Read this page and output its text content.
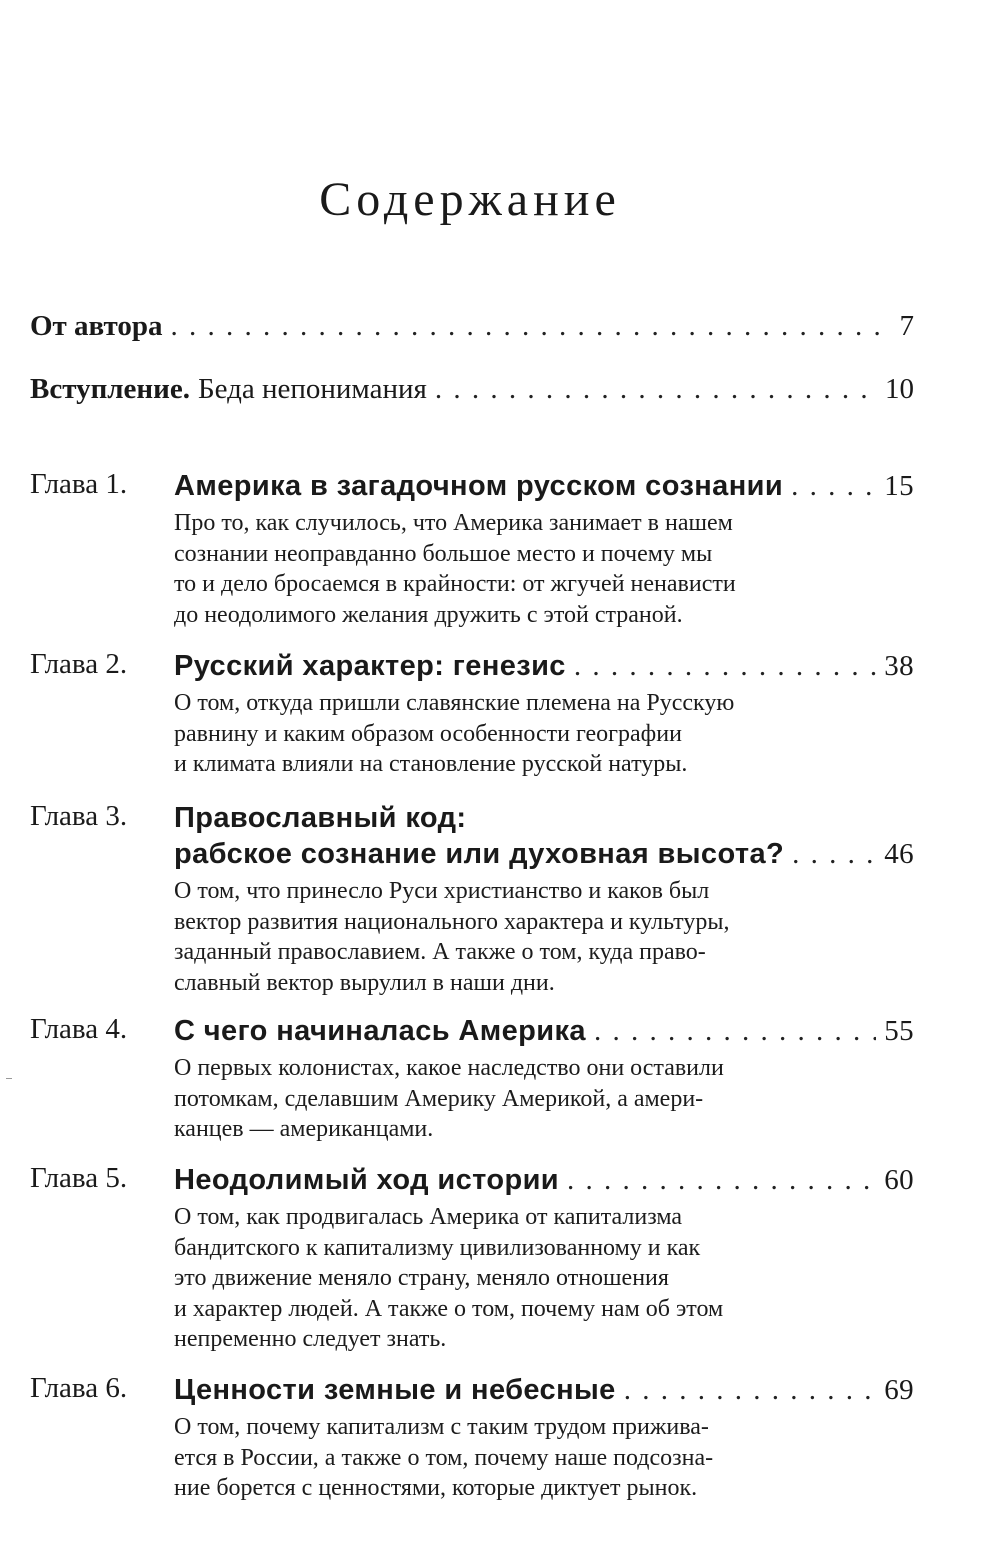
Содержание
От автора . . .	7
Вступление. Беда непонимания . . .	10
Глава 1. Америка в загадочном русском сознании . . .	15
Про то, как случилось, что Америка занимает в нашем
сознании неоправданно большое место и почему мы
то и дело бросаемся в крайности: от жгучей ненависти
до неодолимого желания дружить с этой страной.
Глава 2. Русский характер: генезис . . .	38
О том, откуда пришли славянские племена на Русскую
равнину и каким образом особенности географии
и климата влияли на становление русской натуры.
Глава 3. Православный код:
рабское сознание или духовная высота? . . .	46
О том, что принесло Руси христианство и каков был
вектор развития национального характера и культуры,
заданный православием. А также о том, куда право-
славный вектор вырулил в наши дни.
Глава 4. С чего начиналась Америка . . .	55
О первых колонистах, какое наследство они оставили
потомкам, сделавшим Америку Америкой, а амери-
канцев — американцами.
Глава 5. Неодолимый ход истории . . .	60
О том, как продвигалась Америка от капитализма
бандитского к капитализму цивилизованному и как
это движение меняло страну, меняло отношения
и характер людей. А также о том, почему нам об этом
непременно следует знать.
Глава 6. Ценности земные и небесные . . .	69
О том, почему капитализм с таким трудом прижива-
ется в России, а также о том, почему наше подсозна-
ние борется с ценностями, которые диктует рынок.
